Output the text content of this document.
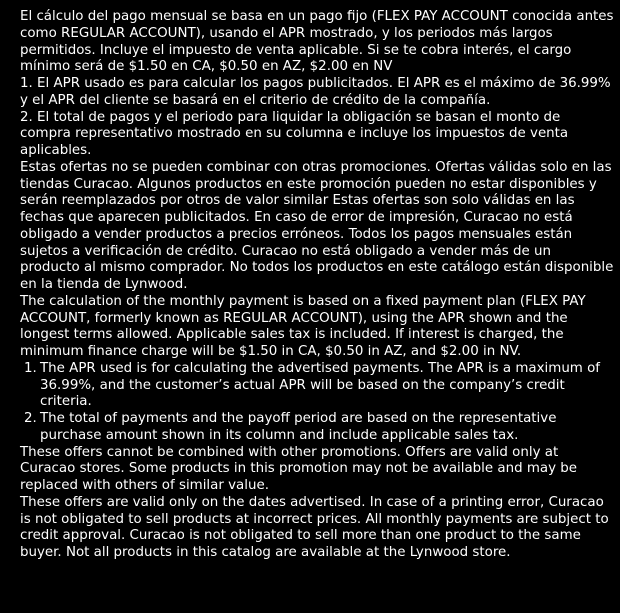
El cálculo del pago mensual se basa en un pago fijo (FLEX PAY ACCOUNT conocida antes como REGULAR ACCOUNT), usando el APR mostrado, y los periodos más largos permitidos. Incluye el impuesto de venta aplicable. Si se te cobra interés, el cargo mínimo será de $1.50 en CA, $0.50 en AZ, $2.00 en NV

1. El APR usado es para calcular los pagos publicitados. El APR es el máximo de 36.99% y el APR del cliente se basará en el criterio de crédito de la compañía.

2. El total de pagos y el periodo para liquidar la obligación se basan el monto de compra representativo mostrado en su columna e incluye los impuestos de venta aplicables.

Estas ofertas no se pueden combinar con otras promociones. Ofertas válidas solo en las tiendas Curacao. Algunos productos en este promoción pueden no estar disponibles y serán reemplazados por otros de valor similar Estas ofertas son solo válidas en las fechas que aparecen publicitados. En caso de error de impresión, Curacao no está obligado a vender productos a precios erróneos. Todos los pagos mensuales están sujetos a verificación de crédito. Curacao no está obligado a vender más de un producto al mismo comprador. No todos los productos en este catálogo están disponible en la tienda de Lynwood.

The calculation of the monthly payment is based on a fixed payment plan (FLEX PAY ACCOUNT, formerly known as REGULAR ACCOUNT), using the APR shown and the longest terms allowed. Applicable sales tax is included. If interest is charged, the minimum finance charge will be $1.50 in CA, $0.50 in AZ, and $2.00 in NV.

1. The APR used is for calculating the advertised payments. The APR is a maximum of 36.99%, and the customer’s actual APR will be based on the company’s credit criteria.
2. The total of payments and the payoff period are based on the representative purchase amount shown in its column and include applicable sales tax.

These offers cannot be combined with other promotions. Offers are valid only at Curacao stores. Some products in this promotion may not be available and may be replaced with others of similar value.

These offers are valid only on the dates advertised. In case of a printing error, Curacao is not obligated to sell products at incorrect prices. All monthly payments are subject to credit approval. Curacao is not obligated to sell more than one product to the same buyer. Not all products in this catalog are available at the Lynwood store.
